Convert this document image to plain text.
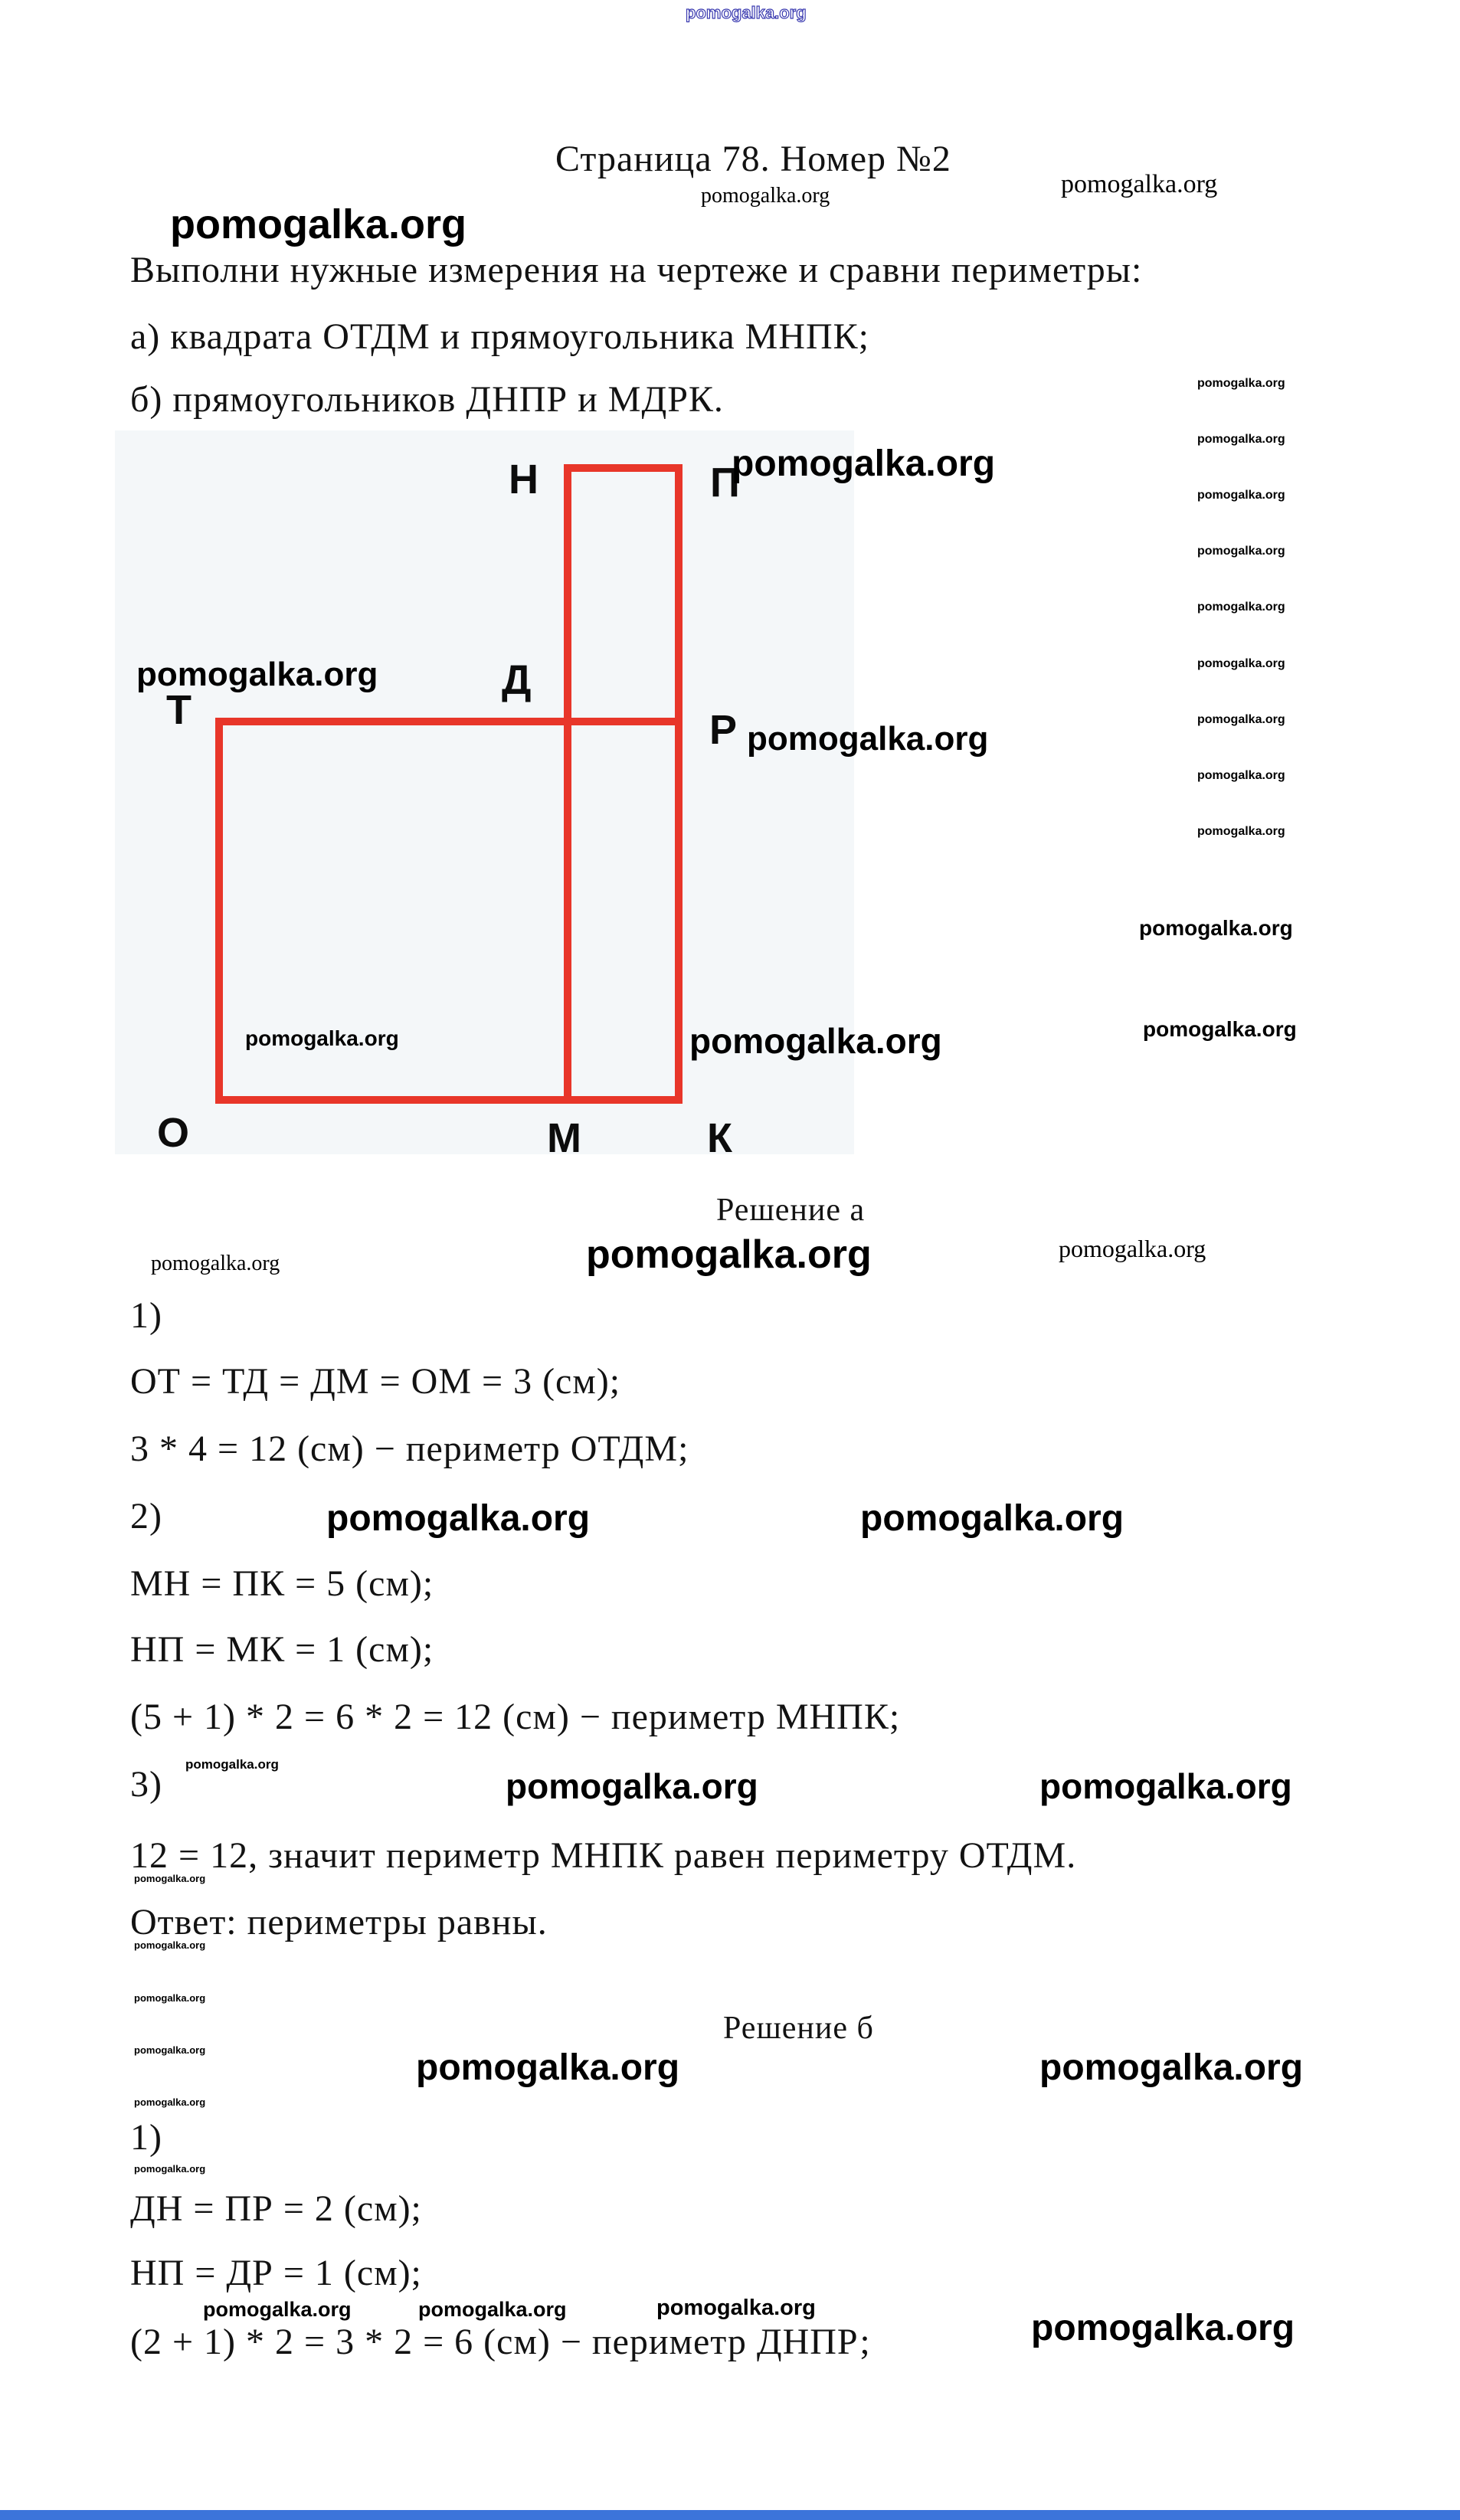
pomogalka.org
Страница 78. Номер №2
pomogalka.org	pomogalka.org
pomogalka.org
Выполни нужные измерения на чертеже и сравни периметры:
а) квадрата ОТДМ и прямоугольника МНПК;
б) прямоугольников ДНПР и МДРК.	pomogalka.org
pomogalka.org
pomogalka.org
pomogalka.org
pomogalka.org
pomogalka.org
pomogalka.org
pomogalka.org
pomogalka.org
pomogalka.org
pomogalka.org
Н	П
Д
Т	Р
О	М	К
pomogalka.org
pomogalka.org
pomogalka.org
pomogalka.org	pomogalka.org
Решение а
pomogalka.org	pomogalka.org	pomogalka.org
1)
ОТ = ТД = ДМ = ОМ = 3 (см);
3 * 4 = 12 (см) − периметр ОТДМ;
2)	pomogalka.org	pomogalka.org
МН = ПК = 5 (см);
НП = МК = 1 (см);
(5 + 1) * 2 = 6 * 2 = 12 (см) − периметр МНПК;
3) pomogalka.org
pomogalka.org	pomogalka.org
12 = 12, значит периметр МНПК равен периметру ОТДМ.
Ответ: периметры равны.
pomogalka.org
pomogalka.org
pomogalka.org
pomogalka.org
pomogalka.org
pomogalka.org
Решение б
pomogalka.org	pomogalka.org
1)
ДН = ПР = 2 (см);
НП = ДР = 1 (см);
pomogalka.org	pomogalka.org	pomogalka.org
(2 + 1) * 2 = 3 * 2 = 6 (см) − периметр ДНПР;	pomogalka.org
